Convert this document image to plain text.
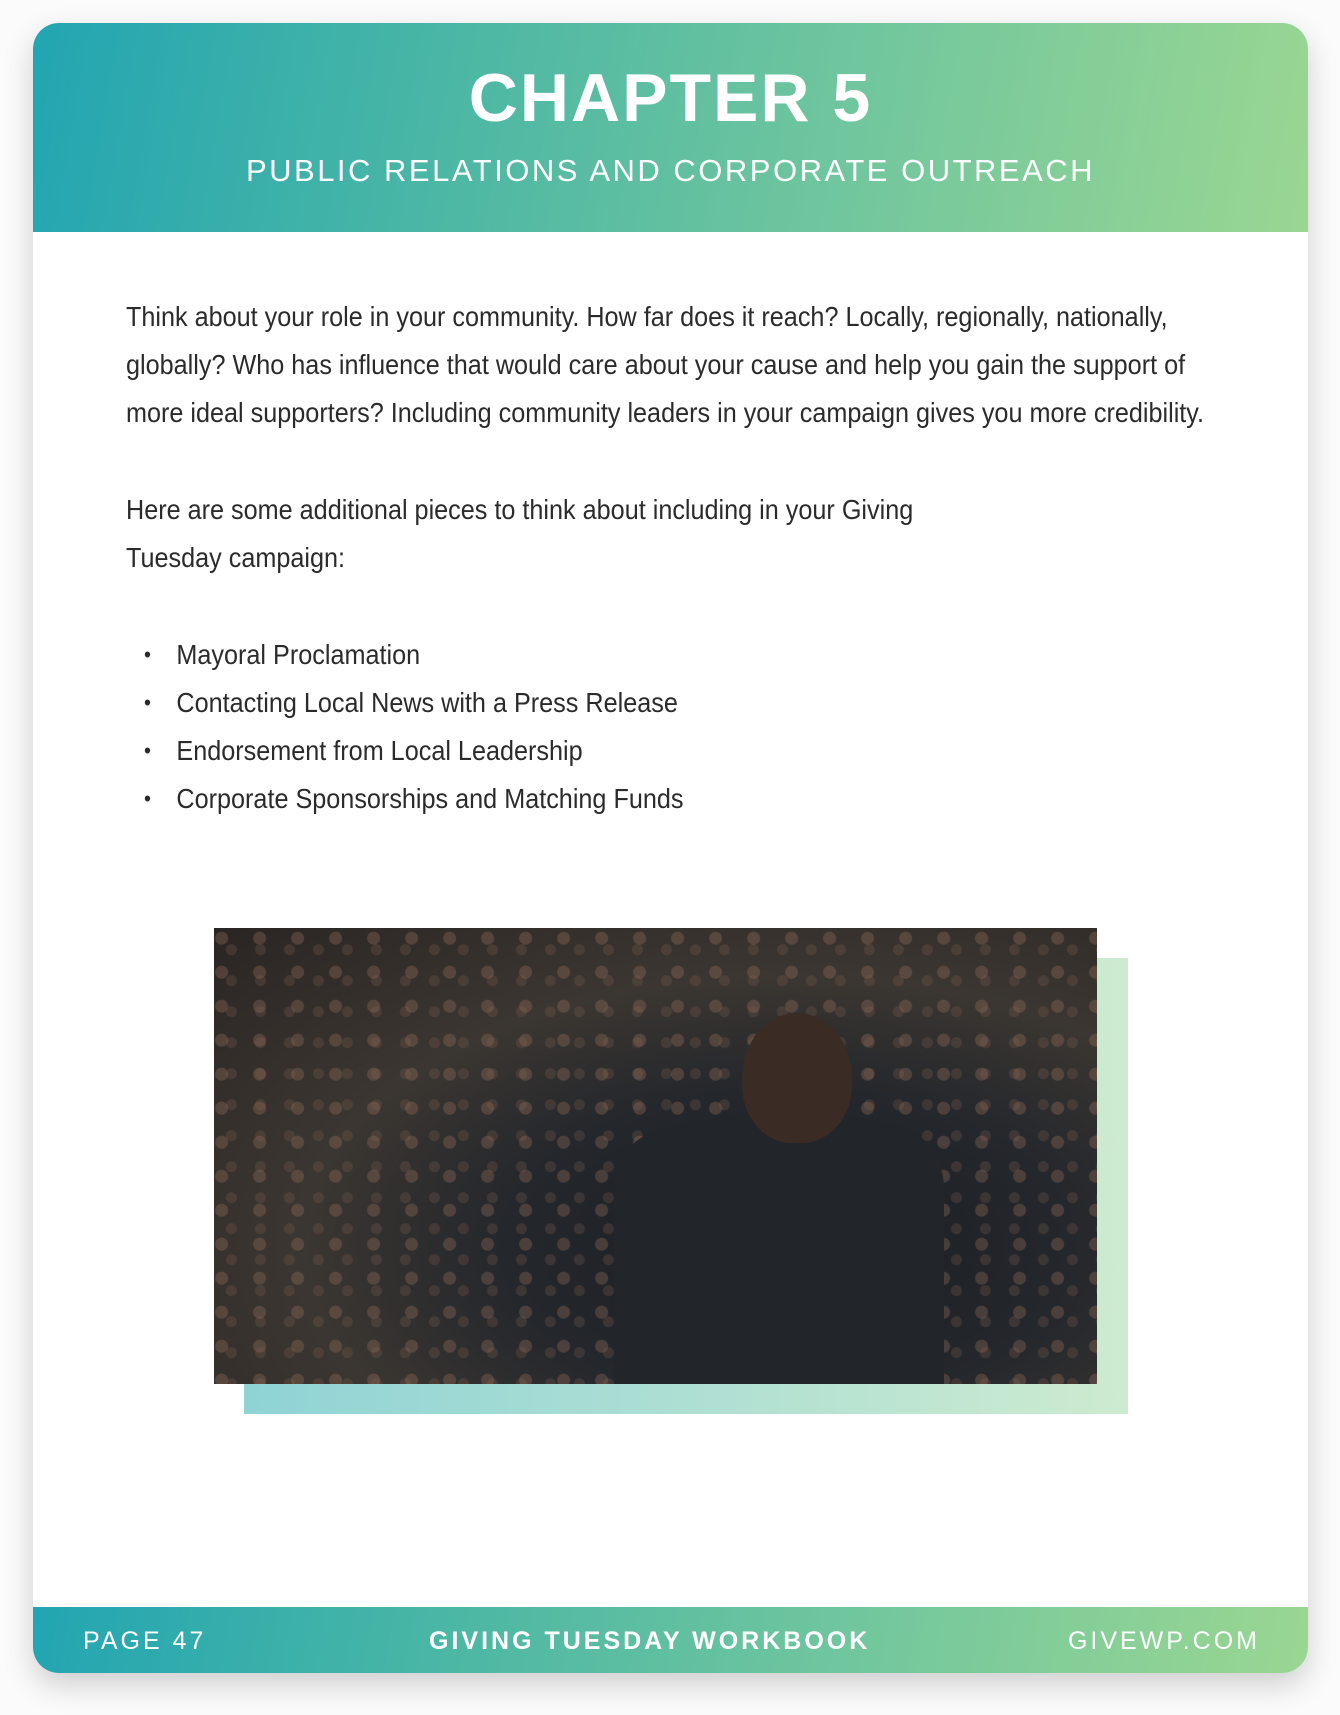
CHAPTER 5
PUBLIC RELATIONS AND CORPORATE OUTREACH

Think about your role in your community. How far does it reach? Locally, regionally, nationally, globally? Who has influence that would care about your cause and help you gain the support of more ideal supporters? Including community leaders in your campaign gives you more credibility.

Here are some additional pieces to think about including in your Giving Tuesday campaign:

• Mayoral Proclamation
• Contacting Local News with a Press Release
• Endorsement from Local Leadership
• Corporate Sponsorships and Matching Funds
PAGE 47	GIVING TUESDAY WORKBOOK	GIVEWP.COM
